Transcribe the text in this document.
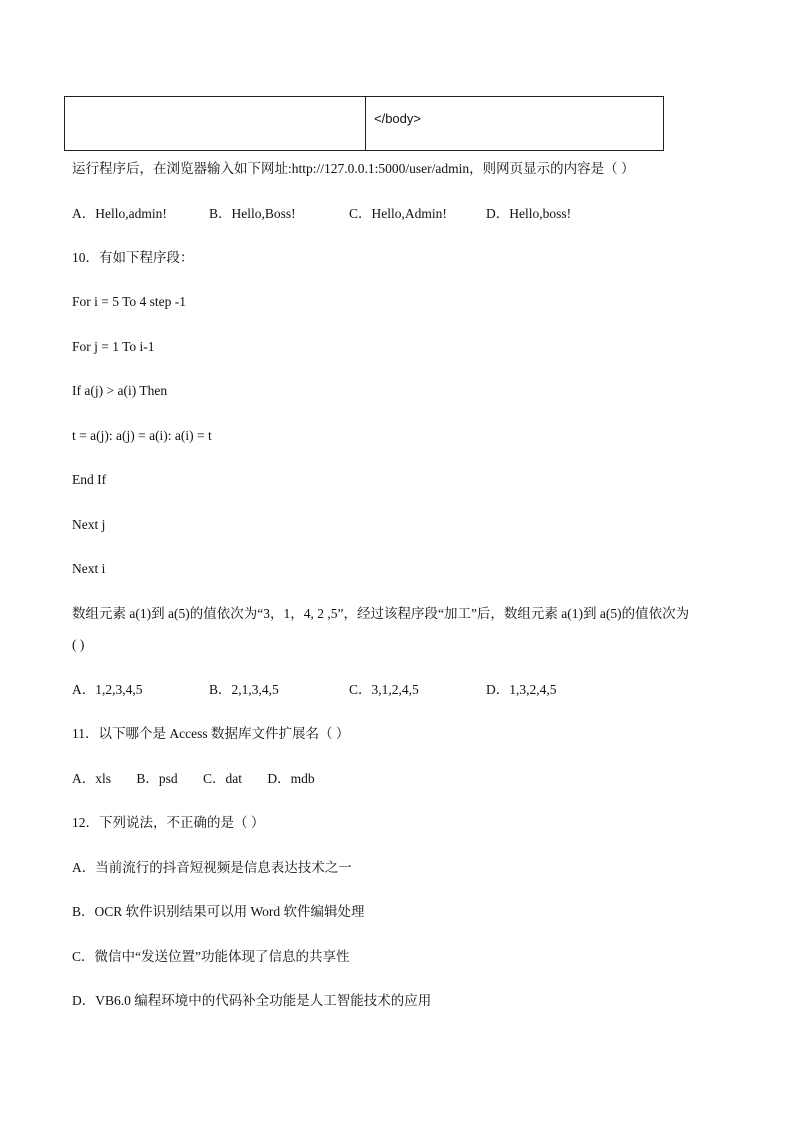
</body>
运行程序后，在浏览器输入如下网址:http://127.0.0.1:5000/user/admin，则网页显示的内容是（ ）
A．Hello,admin!	B．Hello,Boss!	C．Hello,Admin!	D．Hello,boss!
10．有如下程序段：
For i = 5 To 4 step -1
For j = 1 To i-1
If a(j) > a(i) Then
t = a(j): a(j) = a(i): a(i) = t
End If
Next j
Next i
数组元素 a(1)到 a(5)的值依次为“3，1，4, 2 ,5”，经过该程序段“加工”后，数组元素 a(1)到 a(5)的值依次为
( )
A．1,2,3,4,5	B．2,1,3,4,5	C．3,1,2,4,5	D．1,3,2,4,5
11．以下哪个是 Access 数据库文件扩展名（ ）
A．xls B．psd C．dat D．mdb
12．下列说法，不正确的是（ ）
A．当前流行的抖音短视频是信息表达技术之一
B．OCR 软件识别结果可以用 Word 软件编辑处理
C．微信中“发送位置”功能体现了信息的共享性
D．VB6.0 编程环境中的代码补全功能是人工智能技术的应用
